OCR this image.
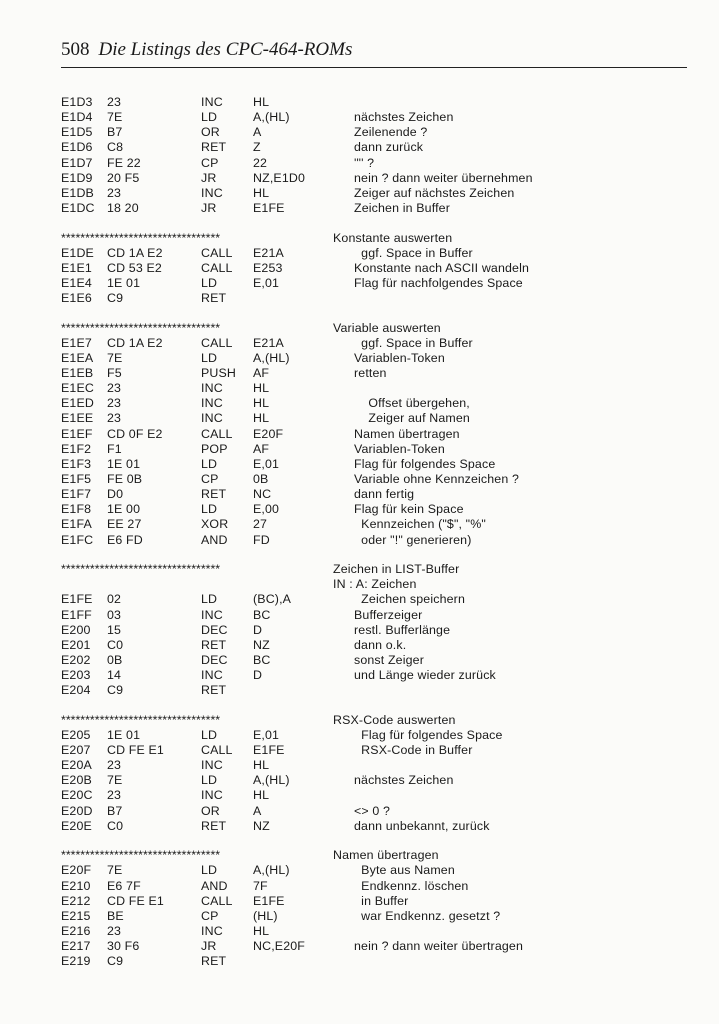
508 Die Listings des CPC-464-ROMs
E1D3 23	INC HL
E1D4 7E	LD	A,(HL)	nächstes Zeichen
E1D5 B7	OR	A	Zeilenende ?
E1D6 C8	RET Z	dann zurück
E1D7 FE 22	CP	22	'"' ?
E1D9 20 F5	JR	NZ,E1D0	nein ? dann weiter übernehmen
E1DB 23	INC HL	Zeiger auf nächstes Zeichen
E1DC 18 20	JR	E1FE	Zeichen in Buffer
*********************************	Konstante auswerten
E1DE CD 1A E2	CALL E21A	ggf. Space in Buffer
E1E1 CD 53 E2	CALL E253	Konstante nach ASCII wandeln
E1E4 1E 01	LD	E,01	Flag für nachfolgendes Space
E1E6 C9	RET
*********************************	Variable auswerten
E1E7 CD 1A E2	CALL E21A	ggf. Space in Buffer
E1EA 7E	LD	A,(HL)	Variablen-Token
E1EB F5	PUSH AF	retten
E1EC 23	INC HL
E1ED 23	INC HL	Offset übergehen,
E1EE 23	INC HL	Zeiger auf Namen
E1EF CD 0F E2	CALL E20F	Namen übertragen
E1F2 F1	POP AF	Variablen-Token
E1F3 1E 01	LD	E,01	Flag für folgendes Space
E1F5 FE 0B	CP	0B	Variable ohne Kennzeichen ?
E1F7 D0	RET NC	dann fertig
E1F8 1E 00	LD	E,00	Flag für kein Space
E1FA EE 27	XOR 27	Kennzeichen ("$", "%"
E1FC E6 FD	AND FD	oder "!" generieren)
*********************************	Zeichen in LIST-Buffer
IN : A: Zeichen
E1FE 02	LD	(BC),A	Zeichen speichern
E1FF 03	INC BC	Bufferzeiger
E200 15	DEC D	restl. Bufferlänge
E201 C0	RET NZ	dann o.k.
E202 0B	DEC BC	sonst Zeiger
E203 14	INC D	und Länge wieder zurück
E204 C9	RET
*********************************	RSX-Code auswerten
E205 1E 01	LD	E,01	Flag für folgendes Space
E207 CD FE E1	CALL E1FE	RSX-Code in Buffer
E20A 23	INC HL
E20B 7E	LD	A,(HL)	nächstes Zeichen
E20C 23	INC HL
E20D B7	OR	A	<> 0 ?
E20E C0	RET NZ	dann unbekannt, zurück
*********************************	Namen übertragen
E20F 7E	LD	A,(HL)	Byte aus Namen
E210 E6 7F	AND 7F	Endkennz. löschen
E212 CD FE E1	CALL E1FE	in Buffer
E215 BE	CP	(HL)	war Endkennz. gesetzt ?
E216 23	INC HL
E217 30 F6	JR	NC,E20F	nein ? dann weiter übertragen
E219 C9	RET
